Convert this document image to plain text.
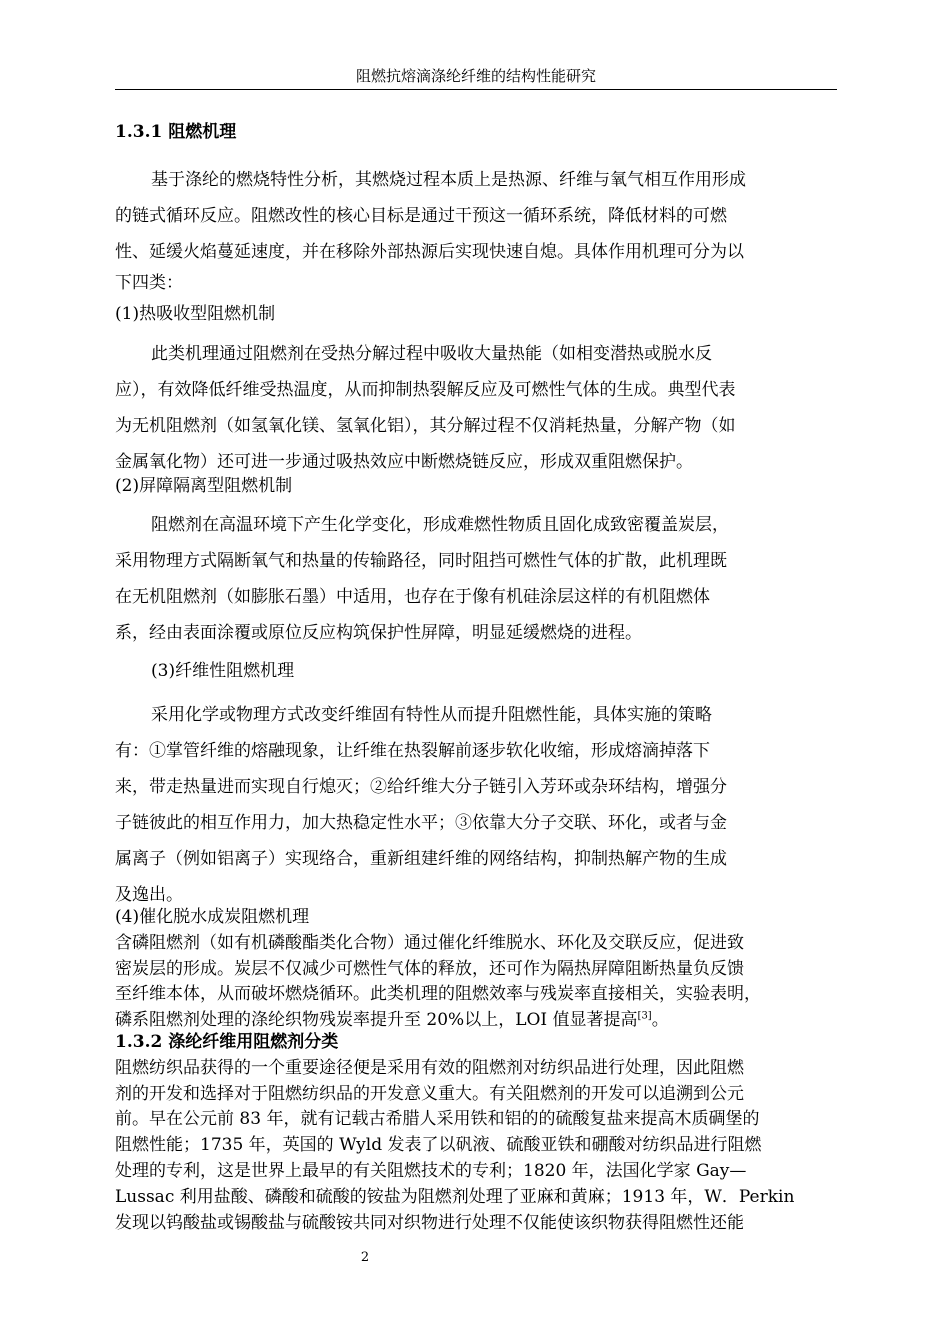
阻燃抗熔滴涤纶纤维的结构性能研究
1.3.1 阻燃机理
基于涤纶的燃烧特性分析，其燃烧过程本质上是热源、纤维与氧气相互作用形成
的链式循环反应。阻燃改性的核心目标是通过干预这一循环系统，降低材料的可燃
性、延缓火焰蔓延速度，并在移除外部热源后实现快速自熄。具体作用机理可分为以
下四类：
(1)热吸收型阻燃机制
此类机理通过阻燃剂在受热分解过程中吸收大量热能（如相变潜热或脱水反
应），有效降低纤维受热温度，从而抑制热裂解反应及可燃性气体的生成。典型代表
为无机阻燃剂（如氢氧化镁、氢氧化铝），其分解过程不仅消耗热量，分解产物（如
金属氧化物）还可进一步通过吸热效应中断燃烧链反应，形成双重阻燃保护。
(2)屏障隔离型阻燃机制
阻燃剂在高温环境下产生化学变化，形成难燃性物质且固化成致密覆盖炭层，
采用物理方式隔断氧气和热量的传输路径，同时阻挡可燃性气体的扩散，此机理既
在无机阻燃剂（如膨胀石墨）中适用，也存在于像有机硅涂层这样的有机阻燃体
系，经由表面涂覆或原位反应构筑保护性屏障，明显延缓燃烧的进程。
(3)纤维性阻燃机理
采用化学或物理方式改变纤维固有特性从而提升阻燃性能，具体实施的策略
有：①掌管纤维的熔融现象，让纤维在热裂解前逐步软化收缩，形成熔滴掉落下
来，带走热量进而实现自行熄灭；②给纤维大分子链引入芳环或杂环结构，增强分
子链彼此的相互作用力，加大热稳定性水平；③依靠大分子交联、环化，或者与金
属离子（例如铝离子）实现络合，重新组建纤维的网络结构，抑制热解产物的生成
及逸出。
(4)催化脱水成炭阻燃机理
含磷阻燃剂（如有机磷酸酯类化合物）通过催化纤维脱水、环化及交联反应，促进致
密炭层的形成。炭层不仅减少可燃性气体的释放，还可作为隔热屏障阻断热量负反馈
至纤维本体，从而破坏燃烧循环。此类机理的阻燃效率与残炭率直接相关，实验表明，
磷系阻燃剂处理的涤纶织物残炭率提升至 20%以上，LOI 值显著提高[3]。
1.3.2 涤纶纤维用阻燃剂分类
阻燃纺织品获得的一个重要途径便是采用有效的阻燃剂对纺织品进行处理，因此阻燃
剂的开发和选择对于阻燃纺织品的开发意义重大。有关阻燃剂的开发可以追溯到公元
前。早在公元前 83 年，就有记载古希腊人采用铁和铝的的硫酸复盐来提高木质碉堡的
阻燃性能；1735 年，英国的 Wyld 发表了以矾液、硫酸亚铁和硼酸对纺织品进行阻燃
处理的专利，这是世界上最早的有关阻燃技术的专利；1820 年，法国化学家 Gay—
Lussac 利用盐酸、磷酸和硫酸的铵盐为阻燃剂处理了亚麻和黄麻；1913 年，W．Perkin
发现以钨酸盐或锡酸盐与硫酸铵共同对织物进行处理不仅能使该织物获得阻燃性还能
2
